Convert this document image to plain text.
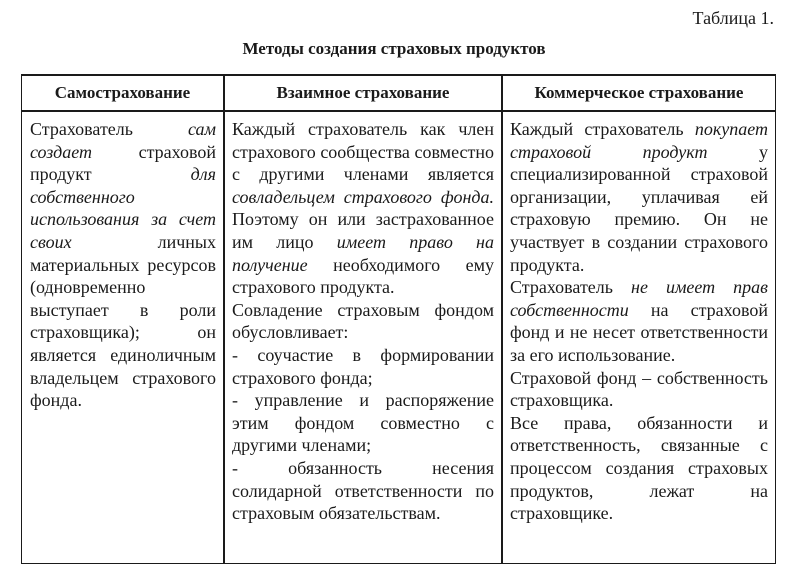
Таблица 1.
Методы создания страховых продуктов
Самострахование	Взаимное страхование	Коммерческое страхование

Страхователь сам создает страховой продукт для собственного использования за счет своих личных материальных ресурсов (одновременно выступает в роли страховщика); он является единоличным владельцем страхового фонда.

Каждый страхователь как член страхового сообщества совместно с другими членами является совладельцем страхового фонда. Поэтому он или застрахованное им лицо имеет право на получение необходимого ему страхового продукта.

Совладение страховым фондом обусловливает:

- соучастие в формировании страхового фонда;

- управление и распоряжение этим фондом совместно с другими членами;

- обязанность несения солидарной ответственности по страховым обязательствам.

Каждый страхователь покупает страховой продукт у специализированной страховой организации, уплачивая ей страховую премию. Он не участвует в создании страхового продукта.

Страхователь не имеет прав собственности на страховой фонд и не несет ответственности за его использование.

Страховой фонд – собственность страховщика.

Все права, обязанности и ответственность, связанные с процессом создания страховых продуктов, лежат на страховщике.
